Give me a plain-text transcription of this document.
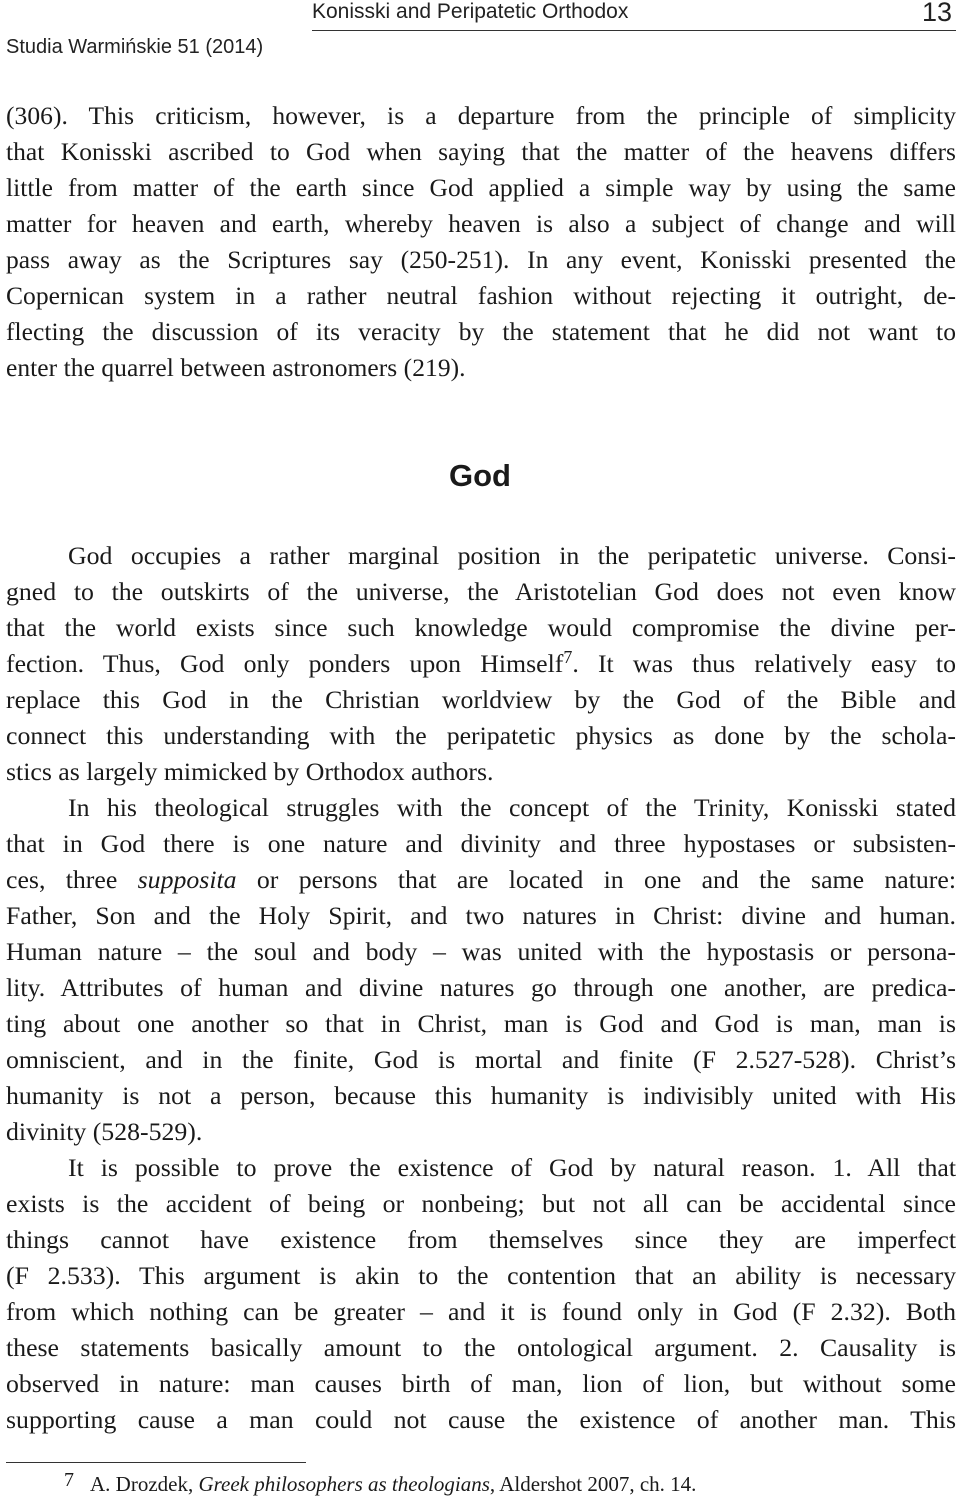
Studia Warmińskie 51 (2014)
Konisski and Peripatetic Orthodox	13
(306). This criticism, however, is a departure from the principle of simplicity
that Konisski ascribed to God when saying that the matter of the heavens differs
little from matter of the earth since God applied a simple way by using the same
matter for heaven and earth, whereby heaven is also a subject of change and will
pass away as the Scriptures say (250-251). In any event, Konisski presented the
Copernican system in a rather neutral fashion without rejecting it outright, de-
flecting the discussion of its veracity by the statement that he did not want to
enter the quarrel between astronomers (219).
God
God occupies a rather marginal position in the peripatetic universe. Consi-
gned to the outskirts of the universe, the Aristotelian God does not even know
that the world exists since such knowledge would compromise the divine per-
fection. Thus, God only ponders upon Himself$^7$. It was thus relatively easy to
replace this God in the Christian worldview by the God of the Bible and
connect this understanding with the peripatetic physics as done by the schola-
stics as largely mimicked by Orthodox authors.
In his theological struggles with the concept of the Trinity, Konisski stated
that in God there is one nature and divinity and three hypostases or subsisten-
ces, three supposita or persons that are located in one and the same nature:
Father, Son and the Holy Spirit, and two natures in Christ: divine and human.
Human nature – the soul and body – was united with the hypostasis or persona-
lity. Attributes of human and divine natures go through one another, are predica-
ting about one another so that in Christ, man is God and God is man, man is
omniscient, and in the finite, God is mortal and finite (F 2.527-528). Christ’s
humanity is not a person, because this humanity is indivisibly united with His
divinity (528-529).
It is possible to prove the existence of God by natural reason. 1. All that
exists is the accident of being or nonbeing; but not all can be accidental since
things cannot have existence from themselves since they are imperfect
(F 2.533). This argument is akin to the contention that an ability is necessary
from which nothing can be greater – and it is found only in God (F 2.32). Both
these statements basically amount to the ontological argument. 2. Causality is
observed in nature: man causes birth of man, lion of lion, but without some
supporting cause a man could not cause the existence of another man. This
7 A. Drozdek, Greek philosophers as theologians, Aldershot 2007, ch. 14.
